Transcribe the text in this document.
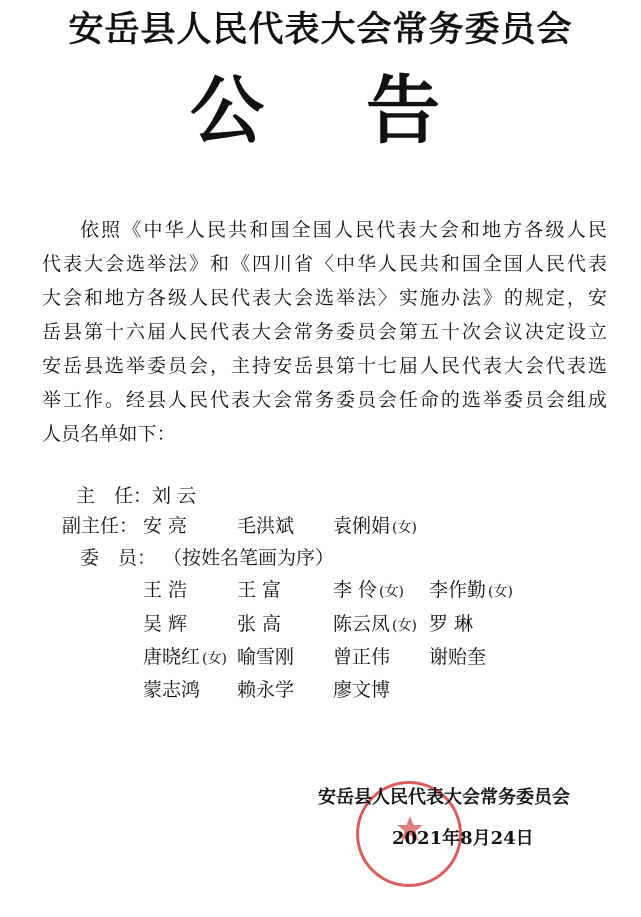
安岳县人民代表大会常务委员会
公 告
依照《中华人民共和国全国人民代表大会和地方各级人民
代表大会选举法》和《四川省〈中华人民共和国全国人民代表
大会和地方各级人民代表大会选举法〉实施办法》的规定，安
岳县第十六届人民代表大会常务委员会第五十次会议决定设立
安岳县选举委员会，主持安岳县第十七届人民代表大会代表选
举工作。经县人民代表大会常务委员会任命的选举委员会组成
人员名单如下：
主　任：刘 云
副主任： 安 亮	毛洪斌 袁俐娟 (女)
委　员： （按姓名笔画为序）
王 浩	王 富	李 伶 (女) 李作勤 (女)
吴 辉	张 高	陈云凤 (女) 罗 琳
唐晓红 (女) 喻雪刚 曾正伟 谢贻奎
蒙志鸿 赖永学 廖文博
安岳县人民代表大会常务委员会
2021年8月24日
